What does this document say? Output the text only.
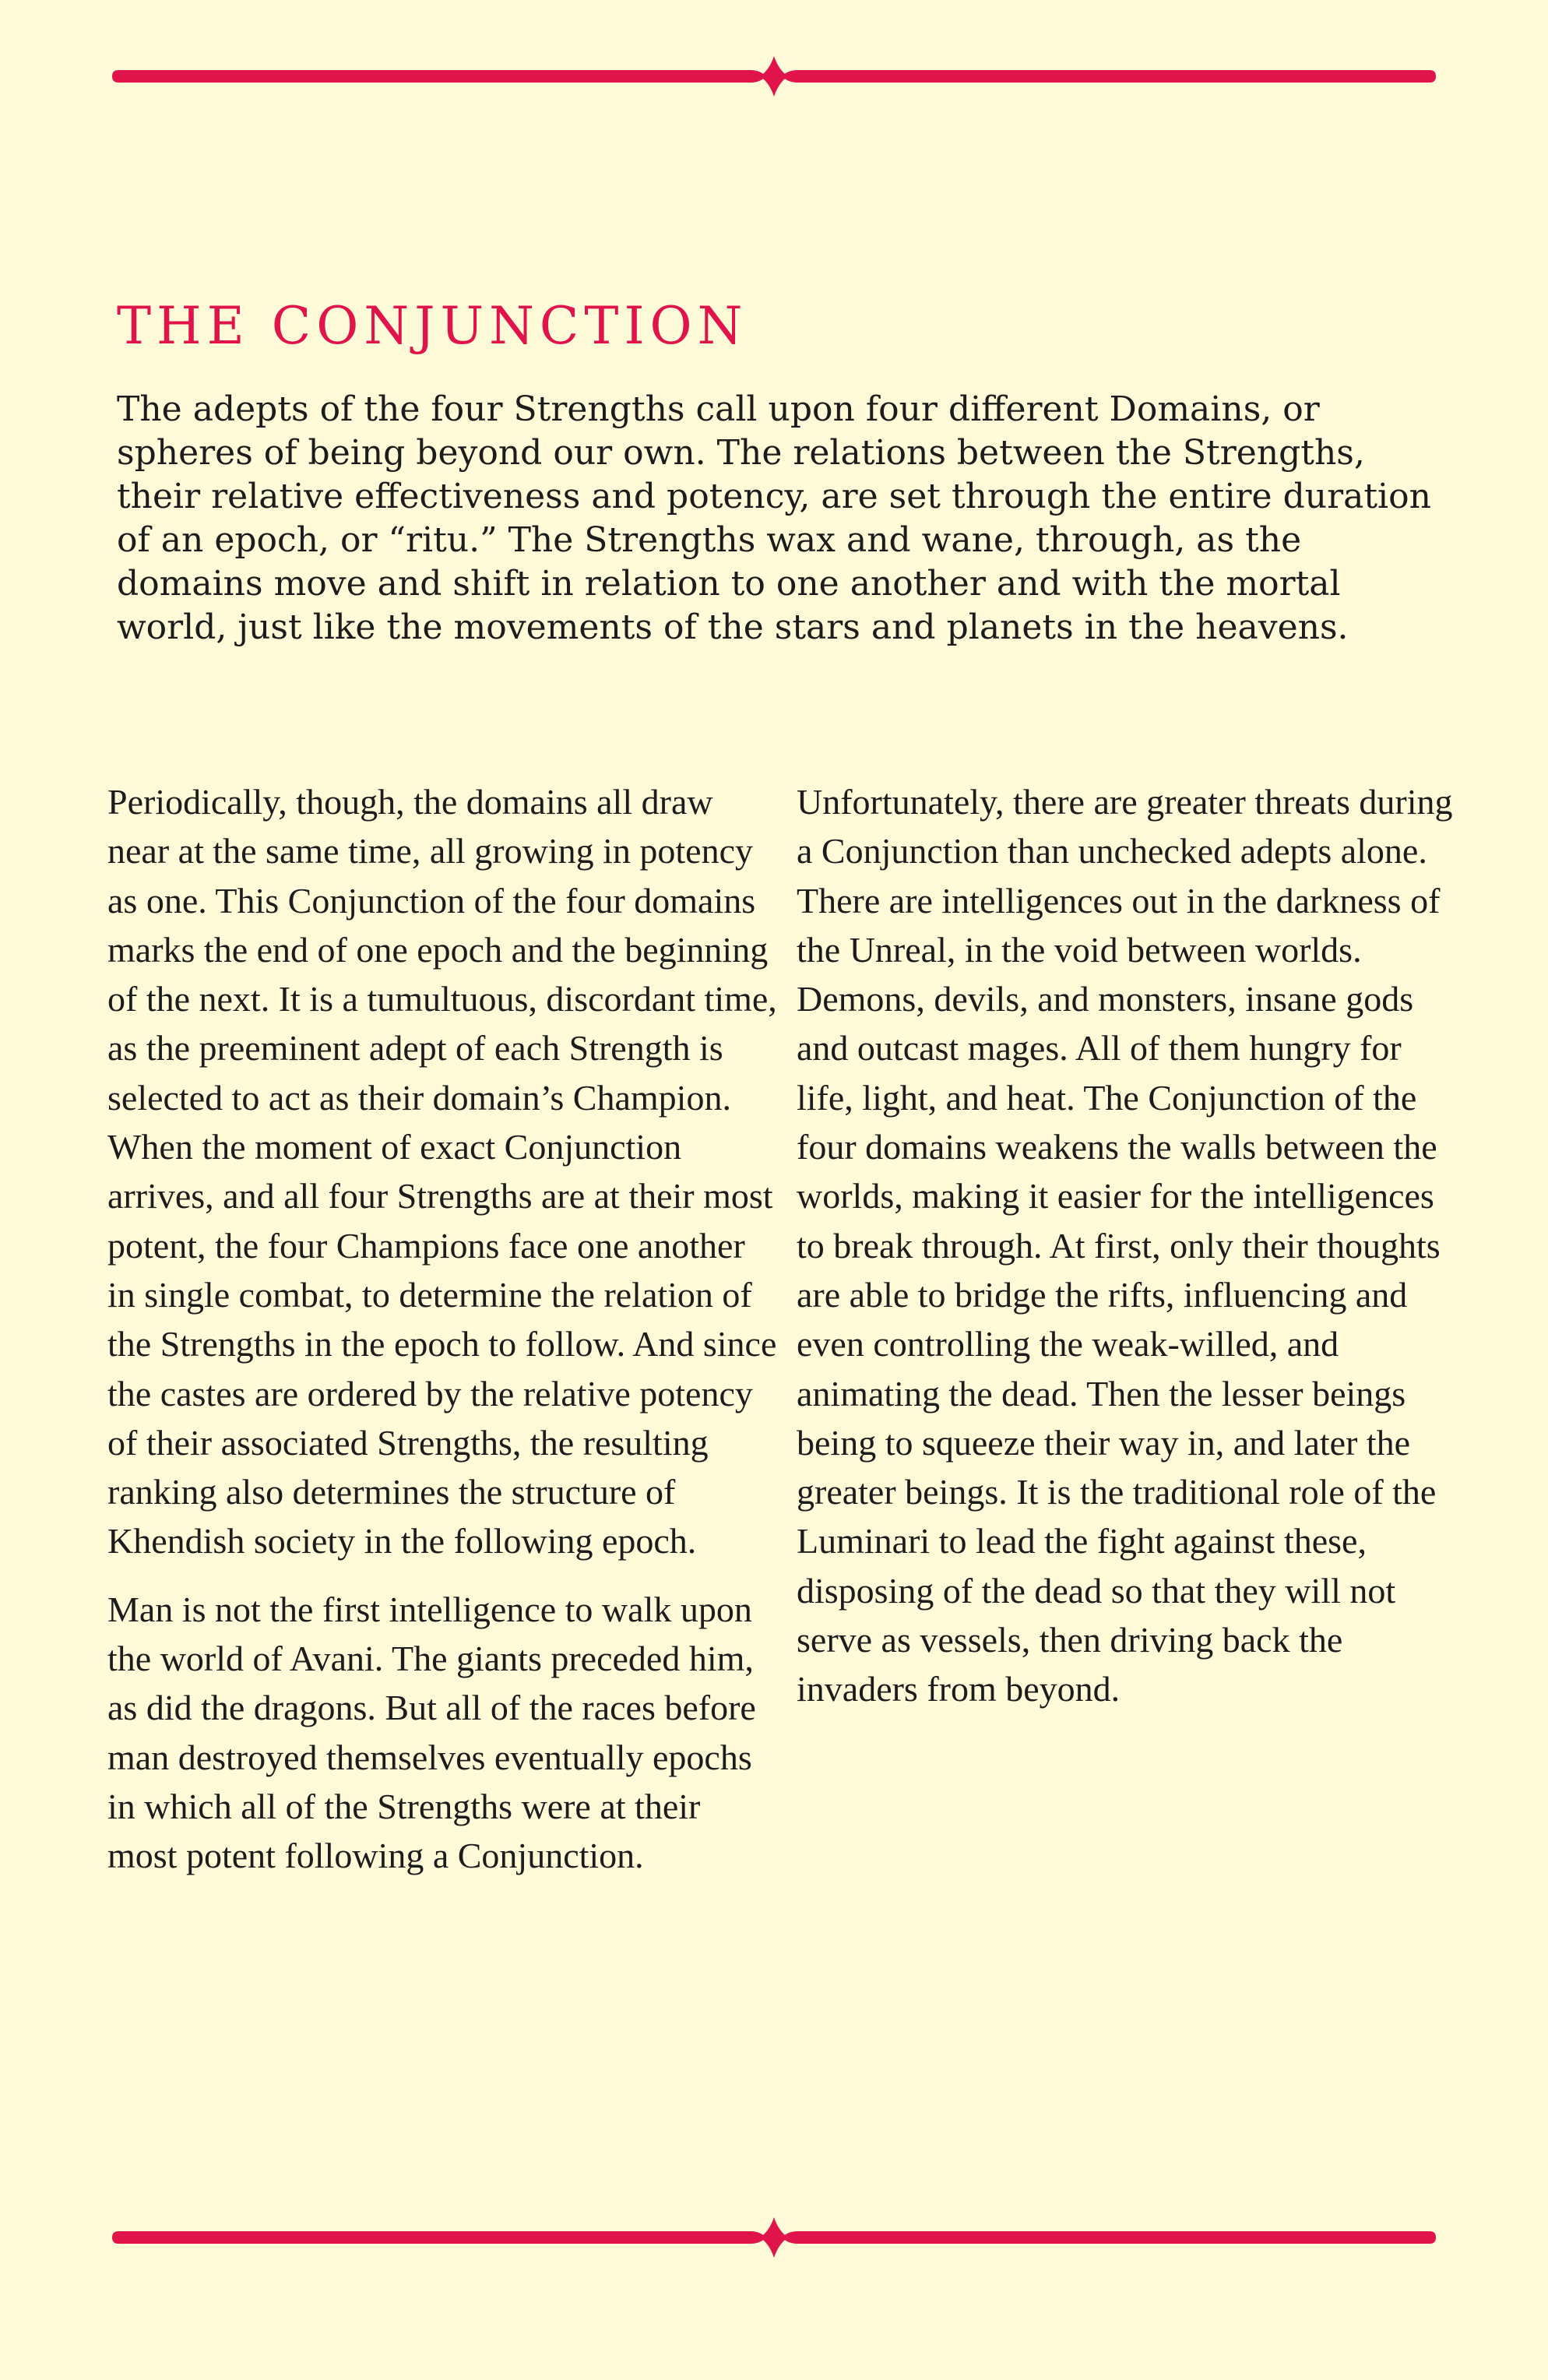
THE CONJUNCTION

The adepts of the four Strengths call upon four different Domains, or spheres of being beyond our own. The relations between the Strengths, their relative effectiveness and potency, are set through the entire duration of an epoch, or “ritu.” The Strengths wax and wane, through, as the domains move and shift in relation to one another and with the mortal world, just like the movements of the stars and planets in the heavens.

Periodically, though, the domains all draw near at the same time, all growing in potency as one. This Conjunction of the four domains marks the end of one epoch and the beginning of the next. It is a tumultuous, discordant time, as the preeminent adept of each Strength is selected to act as their domain’s Champion. When the moment of exact Conjunction arrives, and all four Strengths are at their most potent, the four Champions face one another in single combat, to determine the relation of the Strengths in the epoch to follow. And since the castes are ordered by the relative potency of their associated Strengths, the resulting ranking also determines the structure of Khendish society in the following epoch.

Man is not the first intelligence to walk upon the world of Avani. The giants preceded him, as did the dragons. But all of the races before man destroyed themselves eventually epochs in which all of the Strengths were at their most potent following a Conjunction.

Unfortunately, there are greater threats during a Conjunction than unchecked adepts alone. There are intelligences out in the darkness of the Unreal, in the void between worlds. Demons, devils, and monsters, insane gods and outcast mages. All of them hungry for life, light, and heat. The Conjunction of the four domains weakens the walls between the worlds, making it easier for the intelligences to break through. At first, only their thoughts are able to bridge the rifts, influencing and even controlling the weak-willed, and animating the dead. Then the lesser beings being to squeeze their way in, and later the greater beings. It is the traditional role of the Luminari to lead the fight against these, disposing of the dead so that they will not serve as vessels, then driving back the invaders from beyond.
